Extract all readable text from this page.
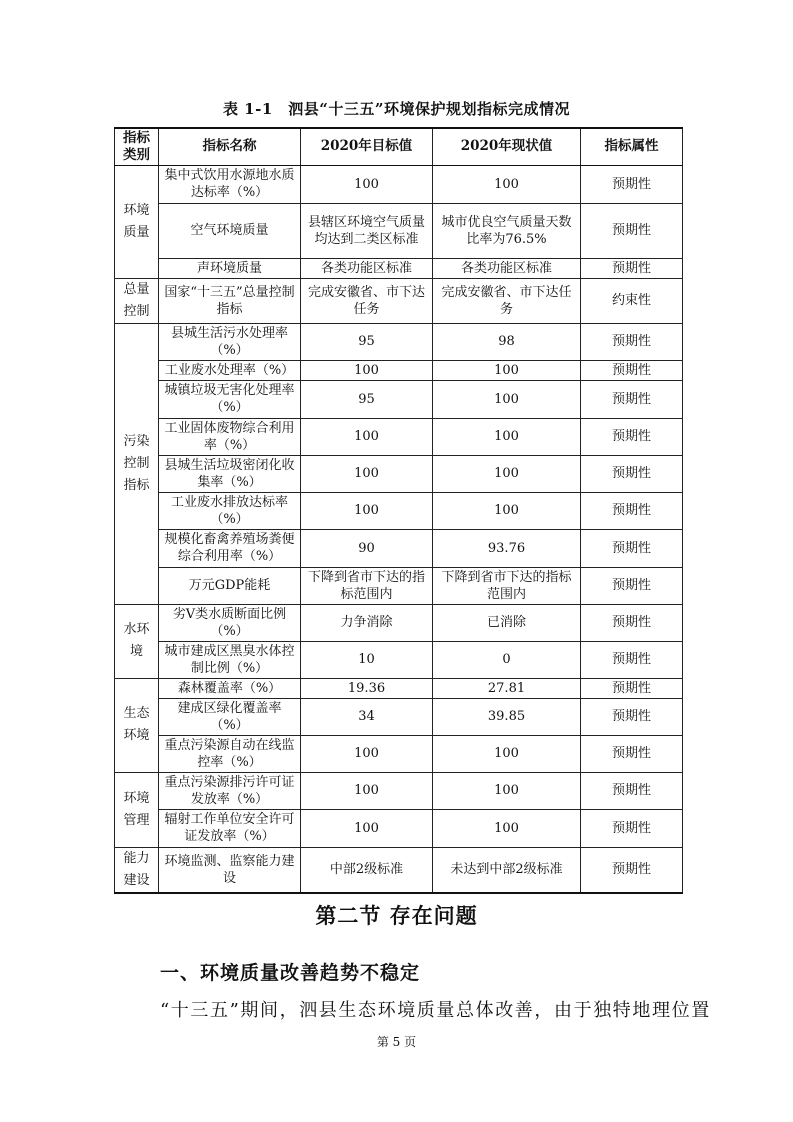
表 1-1　泗县“十三五”环境保护规划指标完成情况
指标类别	指标名称	2020年目标值	2020年现状值	指标属性
环境质量	集中式饮用水源地水质达标率（%）	100	100	预期性
	空气环境质量	县辖区环境空气质量均达到二类区标准	城市优良空气质量天数比率为76.5%	预期性
	声环境质量	各类功能区标准	各类功能区标准	预期性
总量控制	国家“十三五”总量控制指标	完成安徽省、市下达任务	完成安徽省、市下达任务	约束性
污染控制指标	县城生活污水处理率（%）	95	98	预期性
	工业废水处理率（%）	100	100	预期性
	城镇垃圾无害化处理率（%）	95	100	预期性
	工业固体废物综合利用率（%）	100	100	预期性
	县城生活垃圾密闭化收集率（%）	100	100	预期性
	工业废水排放达标率（%）	100	100	预期性
	规模化畜禽养殖场粪便综合利用率（%）	90	93.76	预期性
	万元GDP能耗	下降到省市下达的指标范围内	下降到省市下达的指标范围内	预期性
水环境	劣V类水质断面比例（%）	力争消除	已消除	预期性
	城市建成区黑臭水体控制比例（%）	10	0	预期性
生态环境	森林覆盖率（%）	19.36	27.81	预期性
	建成区绿化覆盖率（%）	34	39.85	预期性
	重点污染源自动在线监控率（%）	100	100	预期性
环境管理	重点污染源排污许可证发放率（%）	100	100	预期性
	辐射工作单位安全许可证发放率（%）	100	100	预期性
能力建设	环境监测、监察能力建设	中部2级标准	未达到中部2级标准	预期性
第二节 存在问题
一、环境质量改善趋势不稳定
“十三五”期间，泗县生态环境质量总体改善，由于独特地理位置
第 5 页
